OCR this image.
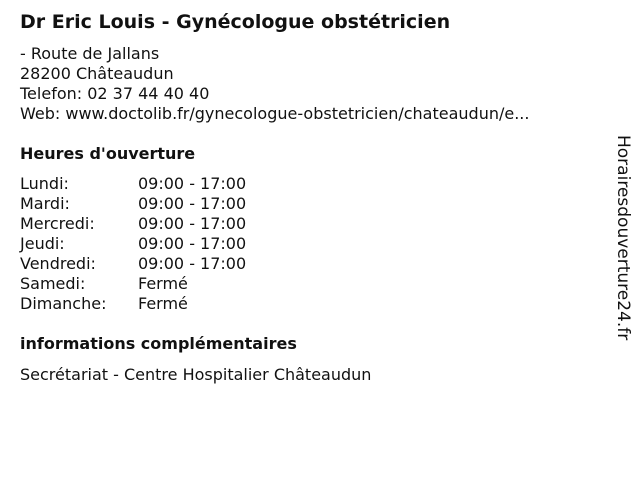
Dr Eric Louis - Gynécologue obstétricien
- Route de Jallans
28200 Châteaudun
Telefon: 02 37 44 40 40
Web: www.doctolib.fr/gynecologue-obstetricien/chateaudun/e...
Heures d'ouverture
Lundi:	09:00 - 17:00
Mardi:	09:00 - 17:00
Mercredi:	09:00 - 17:00
Jeudi:	09:00 - 17:00
Vendredi:	09:00 - 17:00
Samedi:	Fermé
Dimanche:	Fermé
informations complémentaires
Secrétariat - Centre Hospitalier Châteaudun
Horairesdouverture24.fr
